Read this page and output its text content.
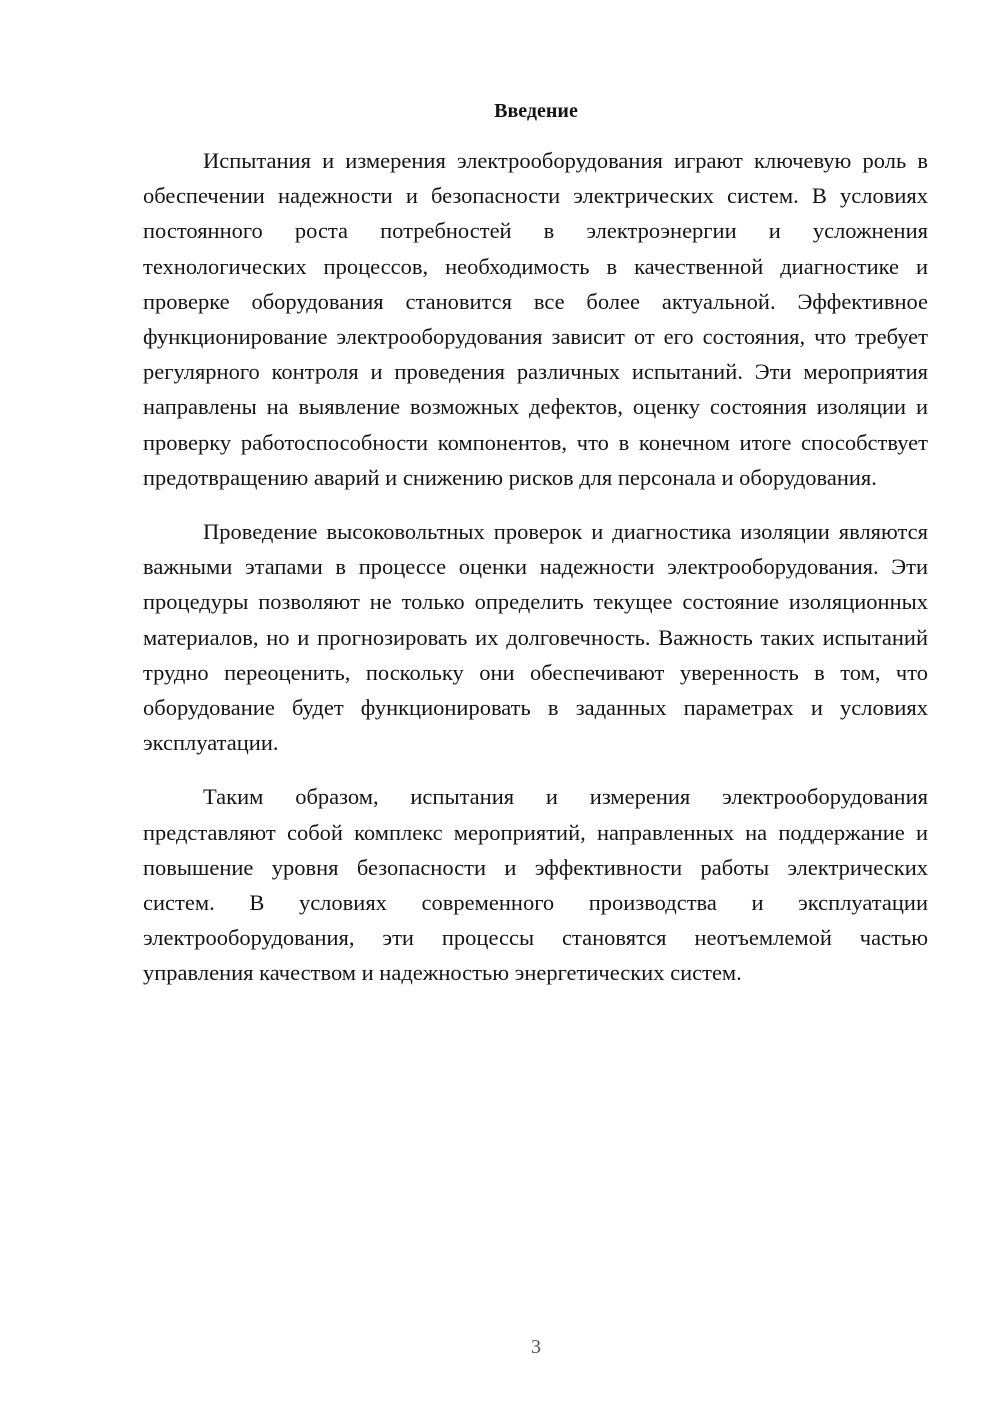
Введение

Испытания и измерения электрооборудования играют ключевую роль в обеспечении надежности и безопасности электрических систем. В условиях постоянного роста потребностей в электроэнергии и усложнения технологических процессов, необходимость в качественной диагностике и проверке оборудования становится все более актуальной. Эффективное функционирование электрооборудования зависит от его состояния, что требует регулярного контроля и проведения различных испытаний. Эти мероприятия направлены на выявление возможных дефектов, оценку состояния изоляции и проверку работоспособности компонентов, что в конечном итоге способствует предотвращению аварий и снижению рисков для персонала и оборудования.

Проведение высоковольтных проверок и диагностика изоляции являются важными этапами в процессе оценки надежности электрооборудования. Эти процедуры позволяют не только определить текущее состояние изоляционных материалов, но и прогнозировать их долговечность. Важность таких испытаний трудно переоценить, поскольку они обеспечивают уверенность в том, что оборудование будет функционировать в заданных параметрах и условиях эксплуатации.

Таким образом, испытания и измерения электрооборудования представляют собой комплекс мероприятий, направленных на поддержание и повышение уровня безопасности и эффективности работы электрических систем. В условиях современного производства и эксплуатации электрооборудования, эти процессы становятся неотъемлемой частью управления качеством и надежностью энергетических систем.

3
